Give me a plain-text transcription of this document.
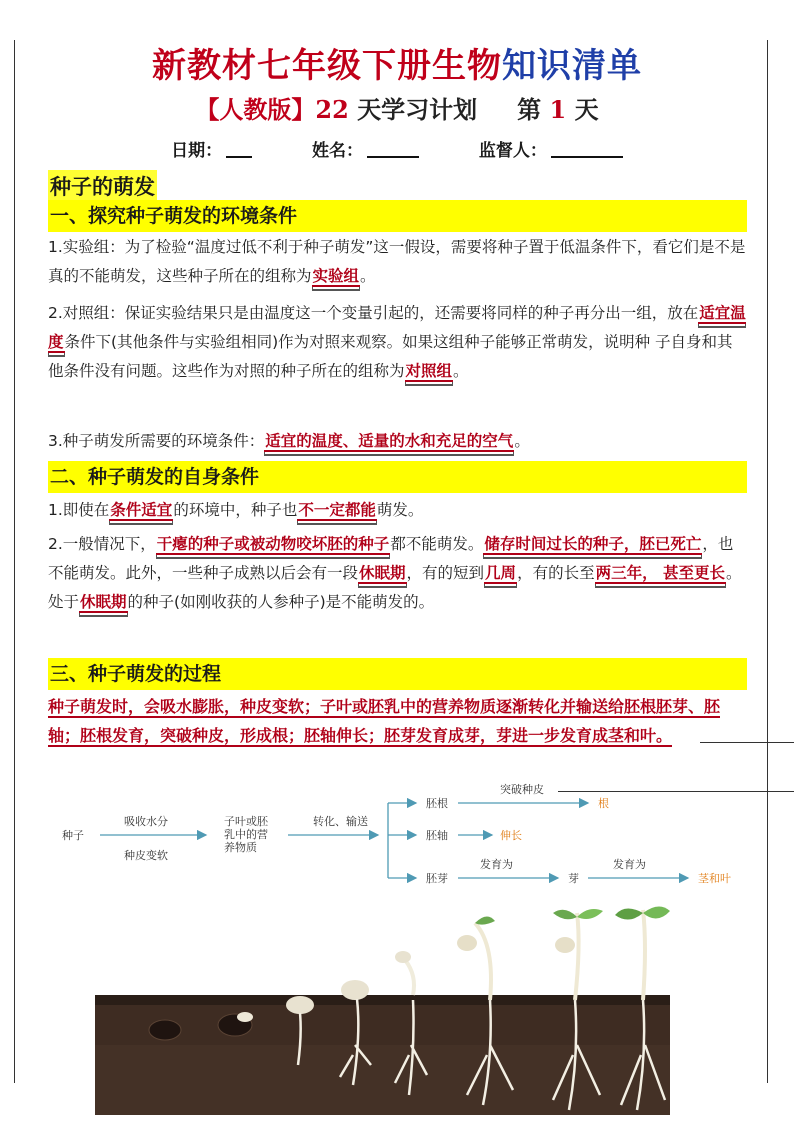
新教材七年级下册生物知识清单
【人教版】22 天学习计划 第 1 天
日期：	姓名：	监督人：
种子的萌发
一、探究种子萌发的环境条件
1.实验组：为了检验“温度过低不利于种子萌发”这一假设，需要将种子置于低温条件下，看它们是不是真的不能萌发，这些种子所在的组称为实验组。
2.对照组：保证实验结果只是由温度这一个变量引起的，还需要将同样的种子再分出一组，放在适宜温度条件下(其他条件与实验组相同)作为对照来观察。如果这组种子能够正常萌发，说明种 子自身和其他条件没有问题。这些作为对照的种子所在的组称为对照组。
3.种子萌发所需要的环境条件：适宜的温度、适量的水和充足的空气。
二、种子萌发的自身条件
1.即使在条件适宜的环境中，种子也不一定都能萌发。
2.一般情况下，干瘪的种子或被动物咬坏胚的种子都不能萌发。储存时间过长的种子，胚已死亡，也不能萌发。此外，一些种子成熟以后会有一段休眠期，有的短到几周，有的长至两三年， 甚至更长。处于休眠期的种子(如刚收获的人参种子)是不能萌发的。
三、种子萌发的过程
种子萌发时，会吸水膨胀，种皮变软；子叶或胚乳中的营养物质逐渐转化并输送给胚根胚芽、胚轴；胚根发育，突破种皮，形成根；胚轴伸长；胚芽发育成芽，芽进一步发育成茎和叶。
种子
吸收水分
种皮变软
子叶或胚
乳中的营
养物质
转化、输送
胚根
突破种皮
根
胚轴	伸长
胚芽
发育为
芽
发育为
茎和叶
